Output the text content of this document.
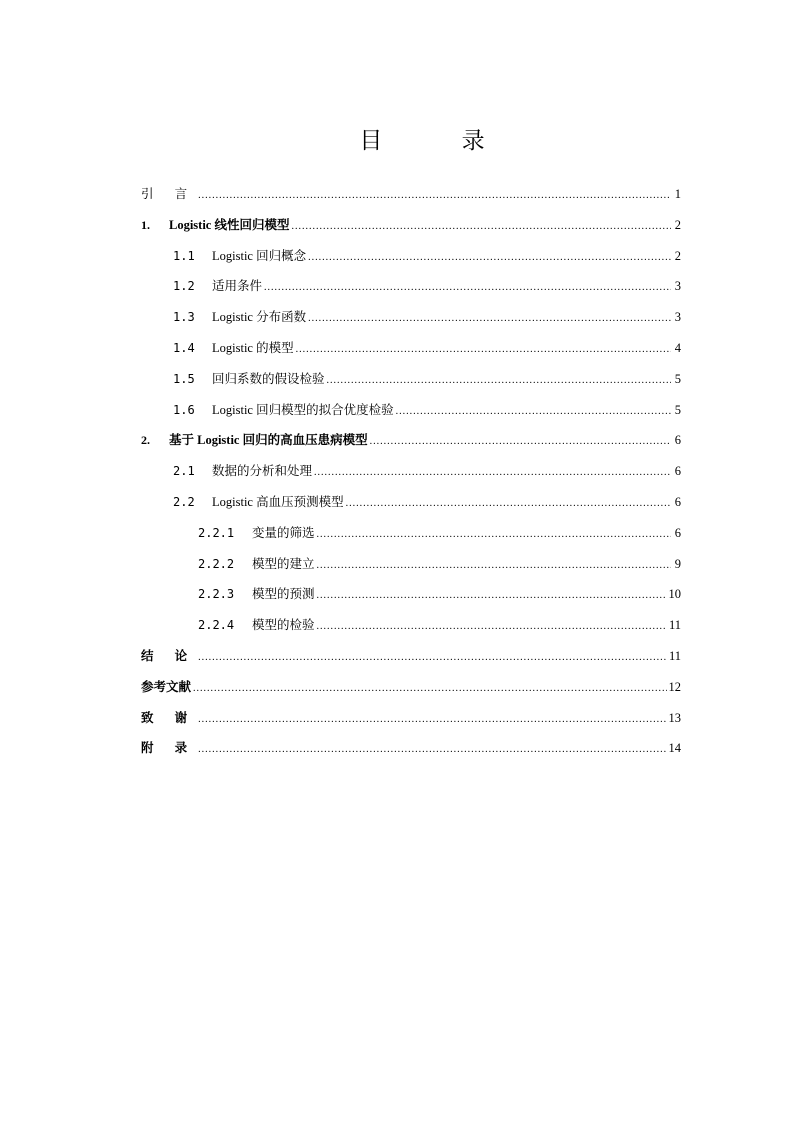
目 录
引 言 .....	1
1.	Logistic 线性回归模型 .....	2
1.1	Logistic 回归概念 .....	2
1.2	适用条件 .....	3
1.3	Logistic 分布函数 .....	3
1.4	Logistic 的模型 .....	4
1.5	回归系数的假设检验 .....	5
1.6	Logistic 回归模型的拟合优度检验 .....	5
2.	基于 Logistic 回归的高血压患病模型 .....	6
2.1	数据的分析和处理 .....	6
2.2	Logistic 高血压预测模型 .....	6
2.2.1	变量的筛选 .....	6
2.2.2	模型的建立 .....	9
2.2.3	模型的预测 .....	10
2.2.4	模型的检验 .....	11
结 论 .....	11
参考文献 .....	12
致 谢 .....	13
附 录 .....	14
